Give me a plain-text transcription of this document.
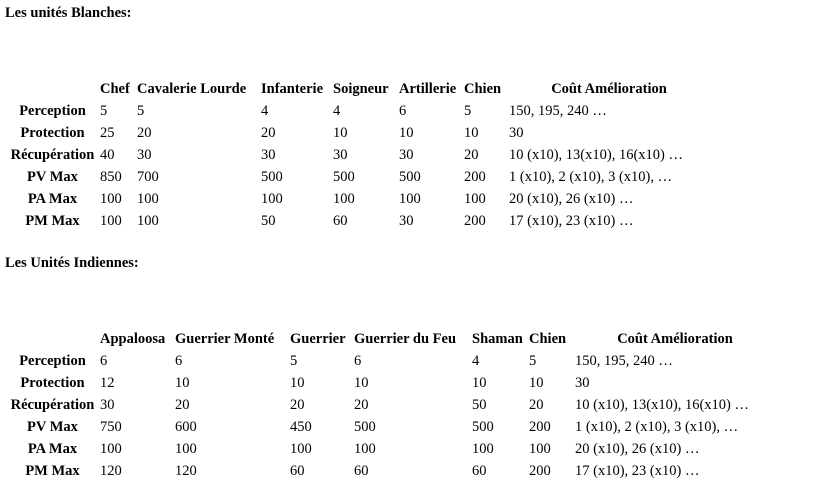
Les unités Blanches:
	Chef	Cavalerie Lourde	Infanterie	Soigneur	Artillerie	Chien	Coût Amélioration
Perception	5	5	4	4	6	5	150, 195, 240 …
Protection	25	20	20	10	10	10	30
Récupération	40	30	30	30	30	20	10 (x10), 13(x10), 16(x10) …
PV Max	850	700	500	500	500	200	1 (x10), 2 (x10), 3 (x10), …
PA Max	100	100	100	100	100	100	20 (x10), 26 (x10) …
PM Max	100	100	50	60	30	200	17 (x10), 23 (x10) …
Les Unités Indiennes:
	Appaloosa	Guerrier Monté	Guerrier	Guerrier du Feu	Shaman	Chien	Coût Amélioration
Perception	6	6	5	6	4	5	150, 195, 240 …
Protection	12	10	10	10	10	10	30
Récupération	30	20	20	20	50	20	10 (x10), 13(x10), 16(x10) …
PV Max	750	600	450	500	500	200	1 (x10), 2 (x10), 3 (x10), …
PA Max	100	100	100	100	100	100	20 (x10), 26 (x10) …
PM Max	120	120	60	60	60	200	17 (x10), 23 (x10) …
